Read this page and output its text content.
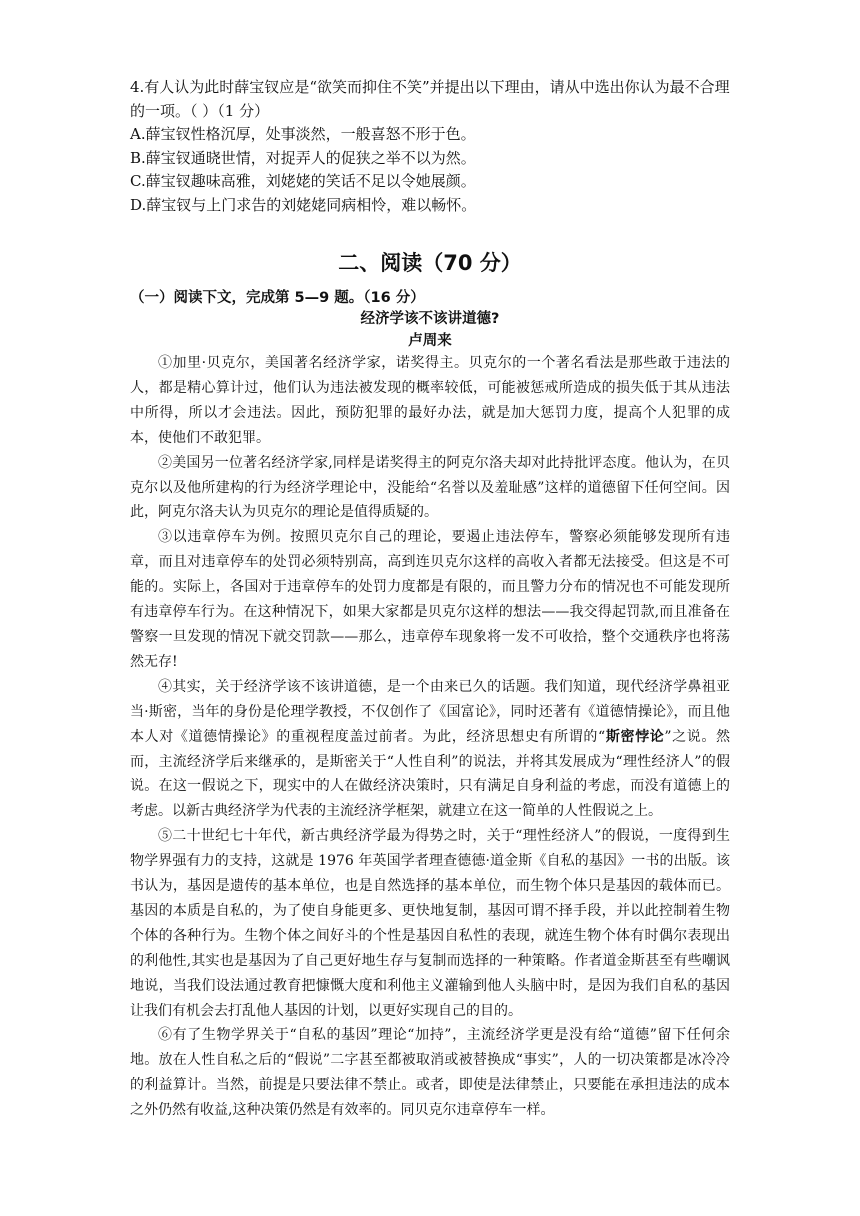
4.有人认为此时薛宝钗应是“欲笑而抑住不笑”并提出以下理由，请从中选出你认为最不合理的一项。（ ）（1 分）

A.薛宝钗性格沉厚，处事淡然，一般喜怒不形于色。

B.薛宝钗通晓世情，对捉弄人的促狭之举不以为然。

C.薛宝钗趣味高雅，刘姥姥的笑话不足以令她展颜。

D.薛宝钗与上门求告的刘姥姥同病相怜，难以畅怀。

二、阅读（70 分）
（一）阅读下文，完成第 5—9 题。（16 分）
经济学该不该讲道德?
卢周来

①加里·贝克尔，美国著名经济学家，诺奖得主。贝克尔的一个著名看法是那些敢于违法的人，都是精心算计过，他们认为违法被发现的概率较低，可能被惩戒所造成的损失低于其从违法中所得，所以才会违法。因此，预防犯罪的最好办法，就是加大惩罚力度，提高个人犯罪的成本，使他们不敢犯罪。

②美国另一位著名经济学家,同样是诺奖得主的阿克尔洛夫却对此持批评态度。他认为，在贝克尔以及他所建构的行为经济学理论中，没能给“名誉以及羞耻感”这样的道德留下任何空间。因此，阿克尔洛夫认为贝克尔的理论是值得质疑的。

③以违章停车为例。按照贝克尔自己的理论，要遏止违法停车，警察必须能够发现所有违章，而且对违章停车的处罚必须特别高，高到连贝克尔这样的高收入者都无法接受。但这是不可能的。实际上，各国对于违章停车的处罚力度都是有限的，而且警力分布的情况也不可能发现所有违章停车行为。在这种情况下，如果大家都是贝克尔这样的想法——我交得起罚款,而且准备在警察一旦发现的情况下就交罚款——那么，违章停车现象将一发不可收拾，整个交通秩序也将荡然无存!

④其实，关于经济学该不该讲道德，是一个由来已久的话题。我们知道，现代经济学鼻祖亚当·斯密，当年的身份是伦理学教授，不仅创作了《国富论》，同时还著有《道德情操论》，而且他本人对《道德情操论》的重视程度盖过前者。为此，经济思想史有所谓的“斯密悖论”之说。然而，主流经济学后来继承的，是斯密关于“人性自利”的说法，并将其发展成为“理性经济人”的假说。在这一假说之下，现实中的人在做经济决策时，只有满足自身利益的考虑，而没有道德上的考虑。以新古典经济学为代表的主流经济学框架，就建立在这一简单的人性假说之上。

⑤二十世纪七十年代，新古典经济学最为得势之时，关于“理性经济人”的假说，一度得到生物学界强有力的支持，这就是 1976 年英国学者理查德德·道金斯《自私的基因》一书的出版。该书认为，基因是遗传的基本单位，也是自然选择的基本单位，而生物个体只是基因的载体而已。基因的本质是自私的，为了使自身能更多、更快地复制，基因可谓不择手段，并以此控制着生物个体的各种行为。生物个体之间好斗的个性是基因自私性的表现，就连生物个体有时偶尔表现出的利他性,其实也是基因为了自己更好地生存与复制而选择的一种策略。作者道金斯甚至有些嘲讽地说，当我们设法通过教育把慷慨大度和利他主义灌输到他人头脑中时，是因为我们自私的基因让我们有机会去打乱他人基因的计划，以更好实现自己的目的。

⑥有了生物学界关于“自私的基因”理论“加持”，主流经济学更是没有给“道德”留下任何余地。放在人性自私之后的“假说”二字甚至都被取消或被替换成“事实”，人的一切决策都是冰冷冷的利益算计。当然，前提是只要法律不禁止。或者，即使是法律禁止，只要能在承担违法的成本之外仍然有收益,这种决策仍然是有效率的。同贝克尔违章停车一样。
